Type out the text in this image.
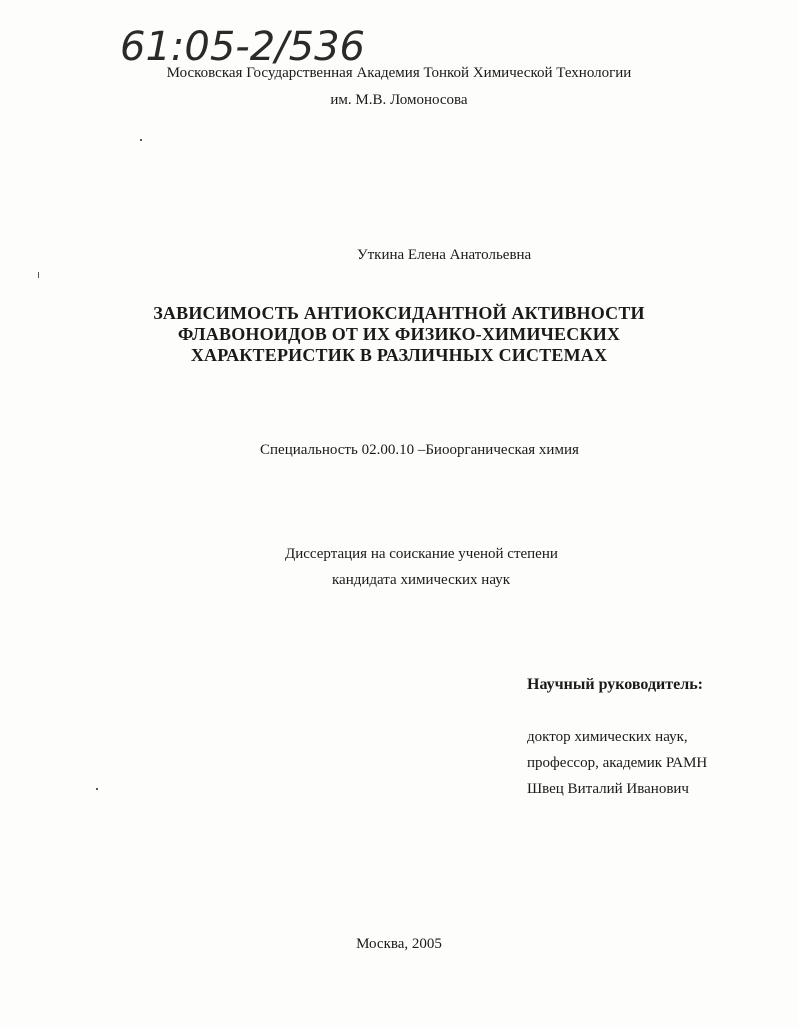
61:05-2/536
Московская Государственная Академия Тонкой Химической Технологии
им. М.В. Ломоносова
Уткина Елена Анатольевна
ЗАВИСИМОСТЬ АНТИОКСИДАНТНОЙ АКТИВНОСТИ
ФЛАВОНОИДОВ ОТ ИХ ФИЗИКО-ХИМИЧЕСКИХ
ХАРАКТЕРИСТИК В РАЗЛИЧНЫХ СИСТЕМАХ
Специальность 02.00.10 –Биоорганическая химия
Диссертация на соискание ученой степени
кандидата химических наук
Научный руководитель:
доктор химических наук,
профессор, академик РАМН
Швец Виталий Иванович
Москва, 2005
